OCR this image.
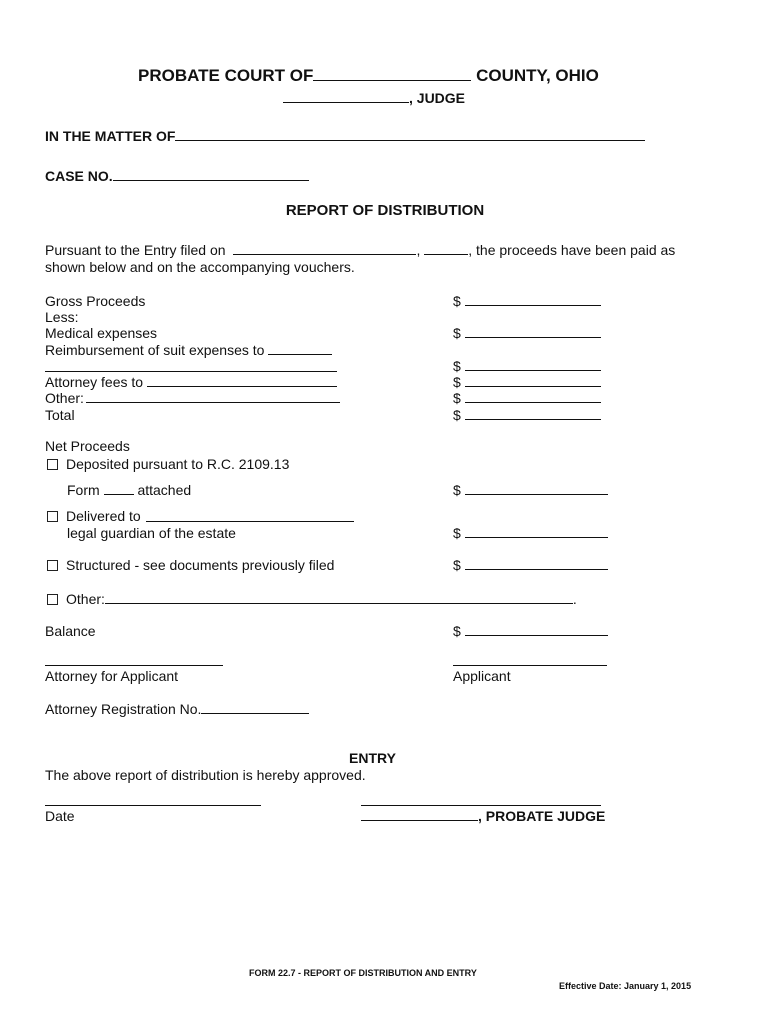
PROBATE COURT OF	COUNTY, OHIO
, JUDGE
IN THE MATTER OF
CASE NO.
REPORT OF DISTRIBUTION
Pursuant to the Entry filed on	,	, the proceeds have been paid as
shown below and on the accompanying vouchers.
Gross Proceeds	$
Less:
Medical expenses	$
Reimbursement of suit expenses to
$
Attorney fees to	$
Other:	$
Total	$
Net Proceeds
Deposited pursuant to R.C. 2109.13
Form	attached	$
Delivered to
legal guardian of the estate	$
Structured - see documents previously filed	$
Other:	.
Balance	$
Attorney for Applicant	Applicant
Attorney Registration No.
ENTRY
The above report of distribution is hereby approved.
Date	, PROBATE JUDGE
FORM 22.7 - REPORT OF DISTRIBUTION AND ENTRY
Effective Date: January 1, 2015
